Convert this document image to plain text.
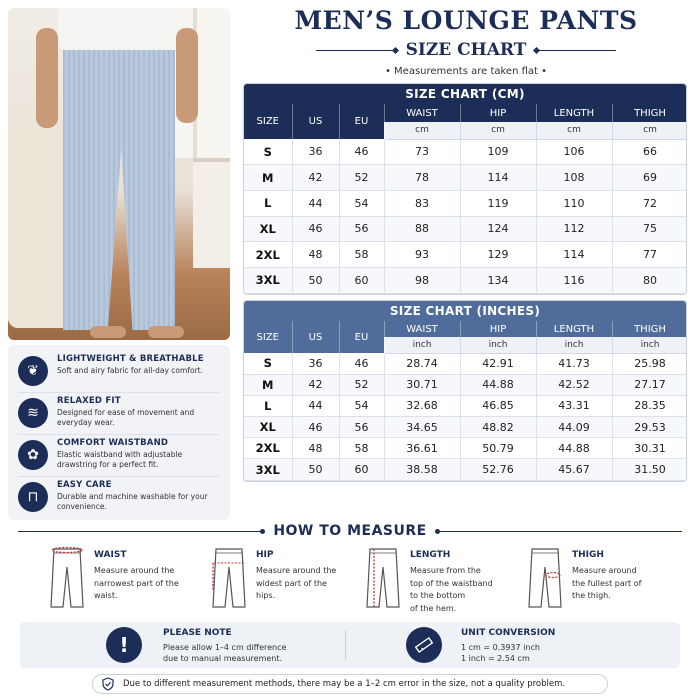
❦
LIGHTWEIGHT & BREATHABLE
Soft and airy fabric for all-day comfort.
≋
RELAXED FIT
Designed for ease of movement and everyday wear.
✿
COMFORT WAISTBAND
Elastic waistband with adjustable drawstring for a perfect fit.
⊓
EASY CARE
Durable and machine washable for your convenience.
MEN’S LOUNGE PANTS
SIZE CHART
• Measurements are taken flat •
SIZE CHART (CM)
SIZE	US	EU	WAIST	HIP	LENGTH	THIGH
			cm	cm	cm	cm
S	36	46	73	109	106	66
M	42	52	78	114	108	69
L	44	54	83	119	110	72
XL	46	56	88	124	112	75
2XL	48	58	93	129	114	77
3XL	50	60	98	134	116	80
SIZE CHART (INCHES)
SIZE	US	EU	WAIST	HIP	LENGTH	THIGH
			inch	inch	inch	inch
S	36	46	28.74	42.91	41.73	25.98
M	42	52	30.71	44.88	42.52	27.17
L	44	54	32.68	46.85	43.31	28.35
XL	46	56	34.65	48.82	44.09	29.53
2XL	48	58	36.61	50.79	44.88	30.31
3XL	50	60	38.58	52.76	45.67	31.50
HOW TO MEASURE
WAIST
Measure around the
narrowest part of the
waist.
HIP
Measure around the
widest part of the
hips.
LENGTH
Measure from the
top of the waistband
to the bottom
of the hem.
THIGH
Measure around
the fullest part of
the thigh.
!	PLEASE NOTE
Please allow 1–4 cm difference
due to manual measurement.
UNIT CONVERSION
1 cm = 0.3937 inch
1 inch = 2.54 cm
Due to different measurement methods, there may be a 1–2 cm error in the size, not a quality problem.
